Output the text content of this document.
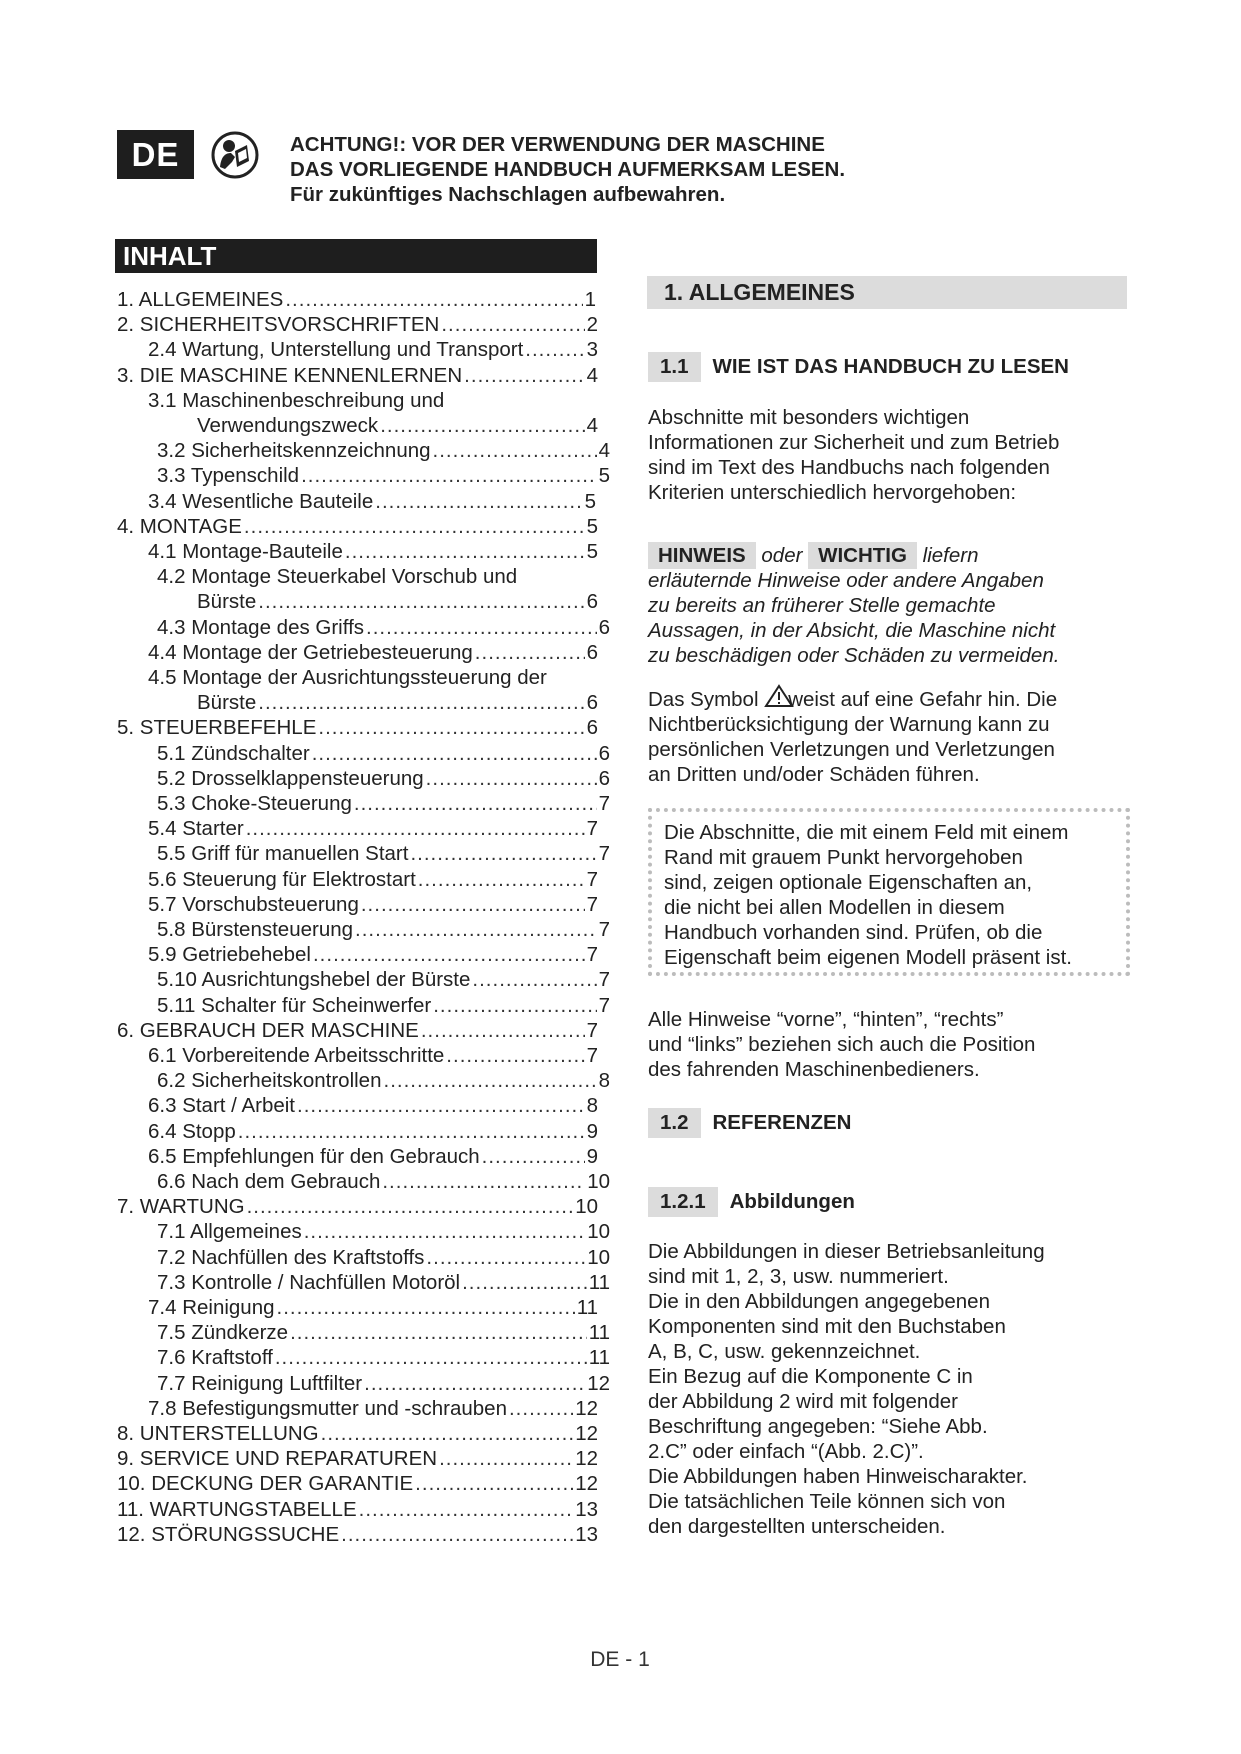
DE	ACHTUNG!: VOR DER VERWENDUNG DER MASCHINE
DAS VORLIEGENDE HANDBUCH AUFMERKSAM LESEN.
Für zukünftiges Nachschlagen aufbewahren.
INHALT
1. ALLGEMEINES .....	1
2. SICHERHEITSVORSCHRIFTEN .....	2
2.4 Wartung, Unterstellung und Transport .....	3
3. DIE MASCHINE KENNENLERNEN .....	4
3.1 Maschinenbeschreibung und
Verwendungszweck .....	4
3.2 Sicherheitskennzeichnung .....	4
3.3 Typenschild .....	5
3.4 Wesentliche Bauteile .....	5
4. MONTAGE .....	5
4.1 Montage-Bauteile .....	5
4.2 Montage Steuerkabel Vorschub und
Bürste .....	6
4.3 Montage des Griffs .....	6
4.4 Montage der Getriebesteuerung .....	6
4.5 Montage der Ausrichtungssteuerung der
Bürste .....	6
5. STEUERBEFEHLE .....	6
5.1 Zündschalter .....	6
5.2 Drosselklappensteuerung .....	6
5.3 Choke-Steuerung .....	7
5.4 Starter .....	7
5.5 Griff für manuellen Start .....	7
5.6 Steuerung für Elektrostart .....	7
5.7 Vorschubsteuerung .....	7
5.8 Bürstensteuerung .....	7
5.9 Getriebehebel .....	7
5.10 Ausrichtungshebel der Bürste .....	7
5.11 Schalter für Scheinwerfer .....	7
6. GEBRAUCH DER MASCHINE .....	7
6.1 Vorbereitende Arbeitsschritte .....	7
6.2 Sicherheitskontrollen .....	8
6.3 Start / Arbeit .....	8
6.4 Stopp .....	9
6.5 Empfehlungen für den Gebrauch .....	9
6.6 Nach dem Gebrauch .....	10
7. WARTUNG .....	10
7.1 Allgemeines .....	10
7.2 Nachfüllen des Kraftstoffs .....	10
7.3 Kontrolle / Nachfüllen Motoröl .....	11
7.4 Reinigung .....	11
7.5 Zündkerze .....	11
7.6 Kraftstoff .....	11
7.7 Reinigung Luftfilter .....	12
7.8 Befestigungsmutter und -schrauben .....	12
8. UNTERSTELLUNG .....	12
9. SERVICE UND REPARATUREN .....	12
10. DECKUNG DER GARANTIE .....	12
11. WARTUNGSTABELLE .....	13
12. STÖRUNGSSUCHE .....	13
1. ALLGEMEINES
1.1	WIE IST DAS HANDBUCH ZU LESEN
Abschnitte mit besonders wichtigen
Informationen zur Sicherheit und zum Betrieb
sind im Text des Handbuchs nach folgenden
Kriterien unterschiedlich hervorgehoben:
HINWEIS oder WICHTIG liefern
erläuternde Hinweise oder andere Angaben
zu bereits an früherer Stelle gemachte
Aussagen, in der Absicht, die Maschine nicht
zu beschädigen oder Schäden zu vermeiden.
Das Symbol weist auf eine Gefahr hin. Die
Nichtberücksichtigung der Warnung kann zu
persönlichen Verletzungen und Verletzungen
an Dritten und/oder Schäden führen.
Die Abschnitte, die mit einem Feld mit einem
Rand mit grauem Punkt hervorgehoben
sind, zeigen optionale Eigenschaften an,
die nicht bei allen Modellen in diesem
Handbuch vorhanden sind. Prüfen, ob die
Eigenschaft beim eigenen Modell präsent ist.
Alle Hinweise “vorne”, “hinten”, “rechts”
und “links” beziehen sich auch die Position
des fahrenden Maschinenbedieners.
1.2	REFERENZEN
1.2.1	Abbildungen
Die Abbildungen in dieser Betriebsanleitung
sind mit 1, 2, 3, usw. nummeriert.
Die in den Abbildungen angegebenen
Komponenten sind mit den Buchstaben
A, B, C, usw. gekennzeichnet.
Ein Bezug auf die Komponente C in
der Abbildung 2 wird mit folgender
Beschriftung angegeben: “Siehe Abb.
2.C” oder einfach “(Abb. 2.C)”.
Die Abbildungen haben Hinweischarakter.
Die tatsächlichen Teile können sich von
den dargestellten unterscheiden.
DE - 1
